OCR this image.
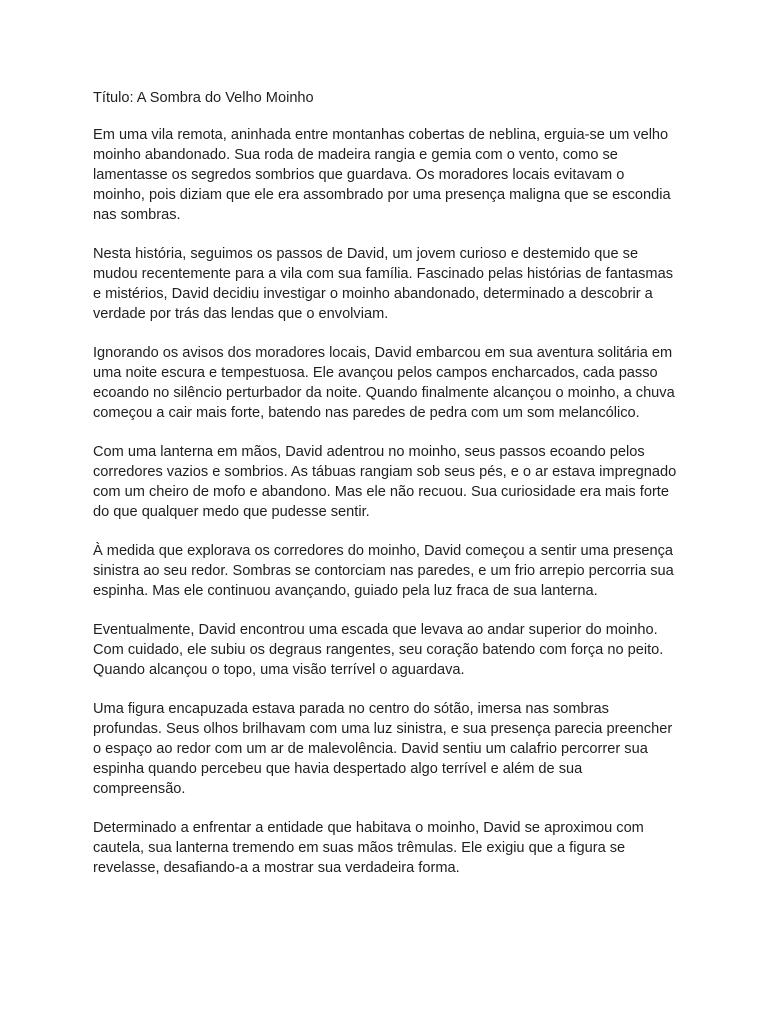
Título: A Sombra do Velho Moinho

Em uma vila remota, aninhada entre montanhas cobertas de neblina, erguia-se um velho moinho abandonado. Sua roda de madeira rangia e gemia com o vento, como se lamentasse os segredos sombrios que guardava. Os moradores locais evitavam o moinho, pois diziam que ele era assombrado por uma presença maligna que se escondia nas sombras.

Nesta história, seguimos os passos de David, um jovem curioso e destemido que se mudou recentemente para a vila com sua família. Fascinado pelas histórias de fantasmas e mistérios, David decidiu investigar o moinho abandonado, determinado a descobrir a verdade por trás das lendas que o envolviam.

Ignorando os avisos dos moradores locais, David embarcou em sua aventura solitária em uma noite escura e tempestuosa. Ele avançou pelos campos encharcados, cada passo ecoando no silêncio perturbador da noite. Quando finalmente alcançou o moinho, a chuva começou a cair mais forte, batendo nas paredes de pedra com um som melancólico.

Com uma lanterna em mãos, David adentrou no moinho, seus passos ecoando pelos corredores vazios e sombrios. As tábuas rangiam sob seus pés, e o ar estava impregnado com um cheiro de mofo e abandono. Mas ele não recuou. Sua curiosidade era mais forte do que qualquer medo que pudesse sentir.

À medida que explorava os corredores do moinho, David começou a sentir uma presença sinistra ao seu redor. Sombras se contorciam nas paredes, e um frio arrepio percorria sua espinha. Mas ele continuou avançando, guiado pela luz fraca de sua lanterna.

Eventualmente, David encontrou uma escada que levava ao andar superior do moinho. Com cuidado, ele subiu os degraus rangentes, seu coração batendo com força no peito. Quando alcançou o topo, uma visão terrível o aguardava.

Uma figura encapuzada estava parada no centro do sótão, imersa nas sombras profundas. Seus olhos brilhavam com uma luz sinistra, e sua presença parecia preencher o espaço ao redor com um ar de malevolência. David sentiu um calafrio percorrer sua espinha quando percebeu que havia despertado algo terrível e além de sua compreensão.

Determinado a enfrentar a entidade que habitava o moinho, David se aproximou com cautela, sua lanterna tremendo em suas mãos trêmulas. Ele exigiu que a figura se revelasse, desafiando-a a mostrar sua verdadeira forma.
